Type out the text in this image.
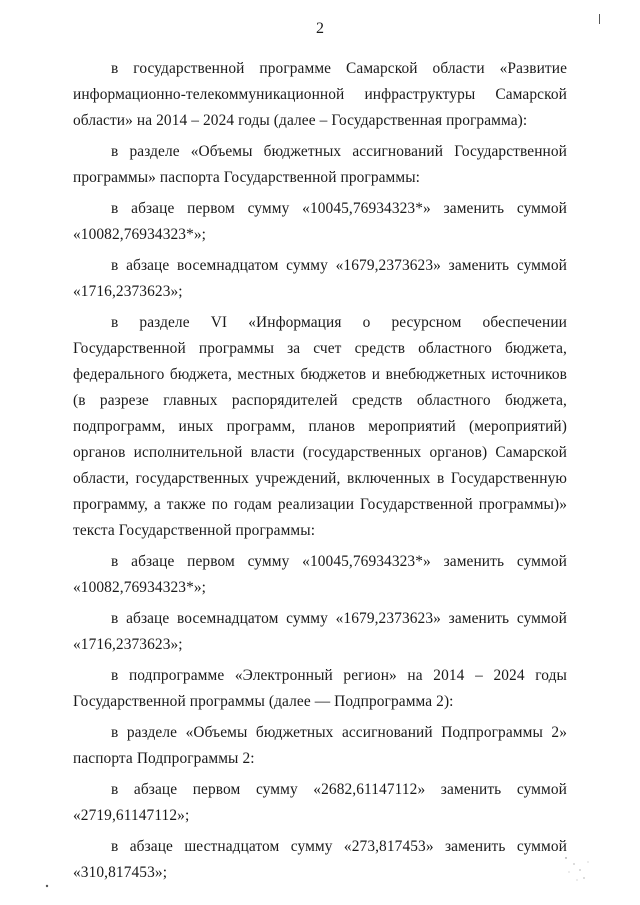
2

в государственной программе Самарской области «Развитие информационно-телекоммуникационной инфраструктуры Самарской области» на 2014 – 2024 годы (далее – Государственная программа):

в разделе «Объемы бюджетных ассигнований Государственной программы» паспорта Государственной программы:

в абзаце первом сумму «10045,76934323*» заменить суммой «10082,76934323*»;

в абзаце восемнадцатом сумму «1679,2373623» заменить суммой «1716,2373623»;

в разделе VI «Информация о ресурсном обеспечении Государственной программы за счет средств областного бюджета, федерального бюджета, местных бюджетов и внебюджетных источников (в разрезе главных распорядителей средств областного бюджета, подпрограмм, иных программ, планов мероприятий (мероприятий) органов исполнительной власти (государственных органов) Самарской области, государственных учреждений, включенных в Государственную программу, а также по годам реализации Государственной программы)» текста Государственной программы:

в абзаце первом сумму «10045,76934323*» заменить суммой «10082,76934323*»;

в абзаце восемнадцатом сумму «1679,2373623» заменить суммой «1716,2373623»;

в подпрограмме «Электронный регион» на 2014 – 2024 годы Государственной программы (далее — Подпрограмма 2):

в разделе «Объемы бюджетных ассигнований Подпрограммы 2» паспорта Подпрограммы 2:

в абзаце первом сумму «2682,61147112» заменить суммой «2719,61147112»;

в абзаце шестнадцатом сумму «273,817453» заменить суммой «310,817453»;
